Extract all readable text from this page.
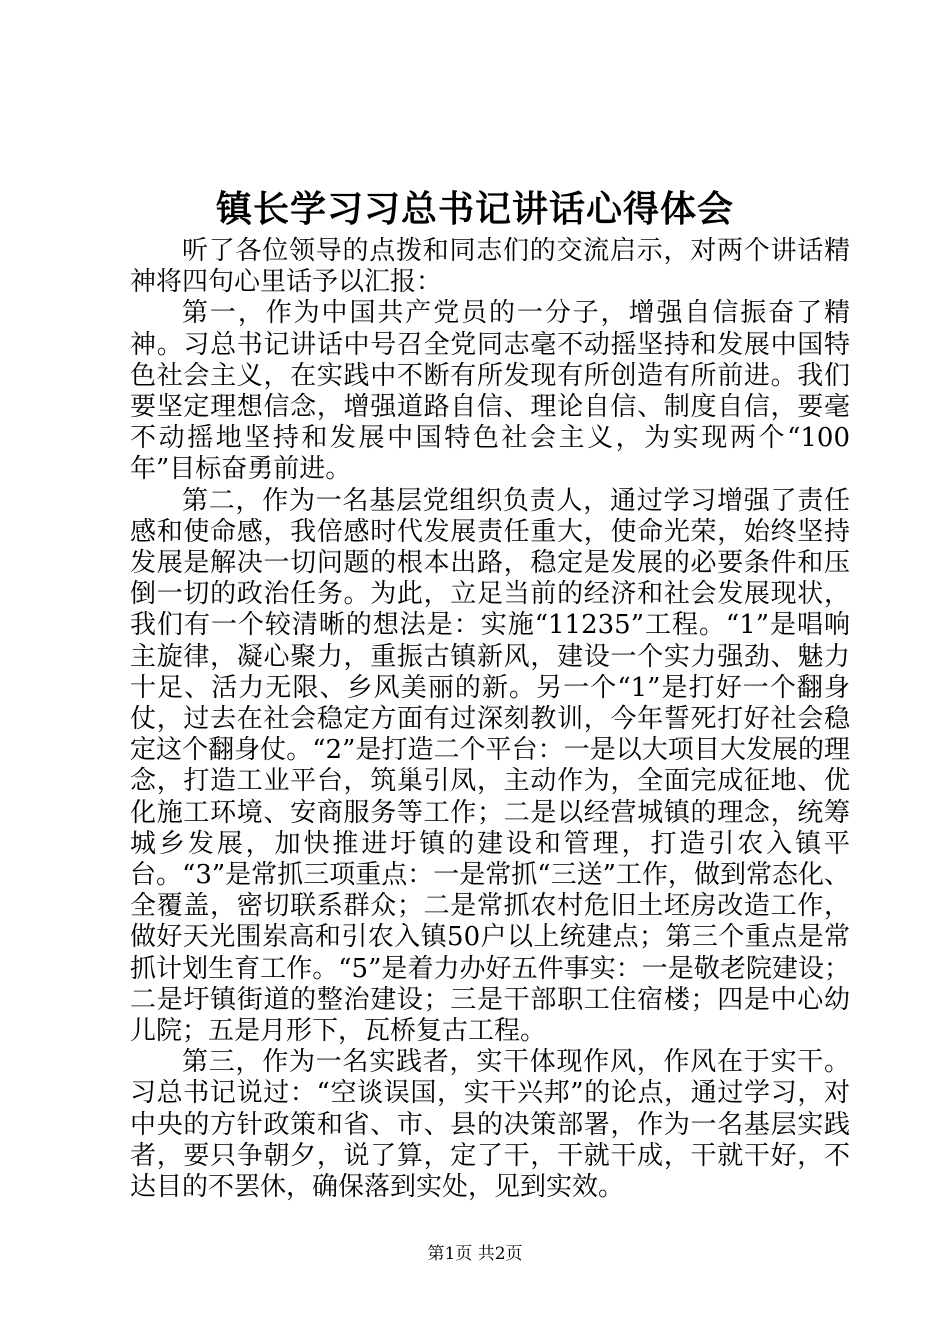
镇长学习习总书记讲话心得体会

听了各位领导的点拨和同志们的交流启示，对两个讲话精神将四句心里话予以汇报：

第一，作为中国共产党员的一分子，增强自信振奋了精神。习总书记讲话中号召全党同志毫不动摇坚持和发展中国特色社会主义，在实践中不断有所发现有所创造有所前进。我们要坚定理想信念，增强道路自信、理论自信、制度自信，要毫不动摇地坚持和发展中国特色社会主义，为实现两个“100年”目标奋勇前进。

第二，作为一名基层党组织负责人，通过学习增强了责任感和使命感，我倍感时代发展责任重大，使命光荣，始终坚持发展是解决一切问题的根本出路，稳定是发展的必要条件和压倒一切的政治任务。为此，立足当前的经济和社会发展现状，我们有一个较清晰的想法是：实施“11235”工程。“1”是唱响主旋律，凝心聚力，重振古镇新风，建设一个实力强劲、魅力十足、活力无限、乡风美丽的新。另一个“1”是打好一个翻身仗，过去在社会稳定方面有过深刻教训，今年誓死打好社会稳定这个翻身仗。“2”是打造二个平台：一是以大项目大发展的理念，打造工业平台，筑巢引凤，主动作为，全面完成征地、优化施工环境、安商服务等工作；二是以经营城镇的理念，统筹城乡发展，加快推进圩镇的建设和管理，打造引农入镇平台。“3”是常抓三项重点：一是常抓“三送”工作，做到常态化、全覆盖，密切联系群众；二是常抓农村危旧土坯房改造工作，做好天光围岽高和引农入镇50户以上统建点；第三个重点是常抓计划生育工作。“5”是着力办好五件事实：一是敬老院建设；二是圩镇街道的整治建设；三是干部职工住宿楼；四是中心幼儿院；五是月形下，瓦桥复古工程。

第三，作为一名实践者，实干体现作风，作风在于实干。习总书记说过：“空谈误国，实干兴邦”的论点，通过学习，对中央的方针政策和省、市、县的决策部署，作为一名基层实践者，要只争朝夕，说了算，定了干，干就干成，干就干好，不达目的不罢休，确保落到实处，见到实效。

第1页 共2页
